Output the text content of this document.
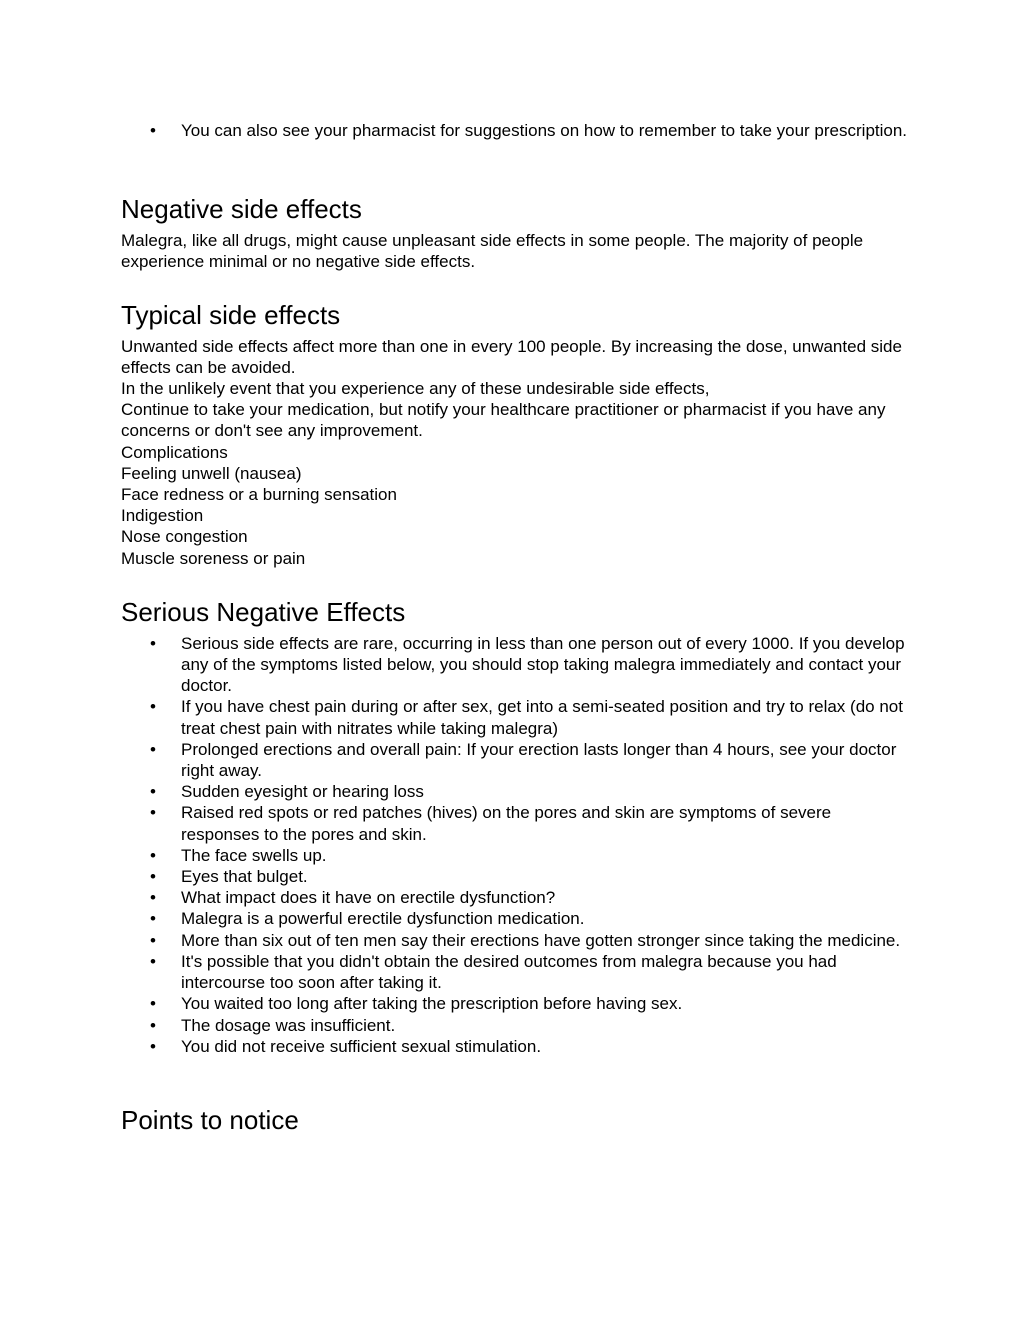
• You can also see your pharmacist for suggestions on how to remember to take your prescription.
Negative side effects

Malegra, like all drugs, might cause unpleasant side effects in some people. The majority of people experience minimal or no negative side effects.

Typical side effects
Unwanted side effects affect more than one in every 100 people. By increasing the dose, unwanted side effects can be avoided.
In the unlikely event that you experience any of these undesirable side effects,
Continue to take your medication, but notify your healthcare practitioner or pharmacist if you have any concerns or don't see any improvement.
Complications
Feeling unwell (nausea)
Face redness or a burning sensation
Indigestion
Nose congestion
Muscle soreness or pain
Serious Negative Effects
• Serious side effects are rare, occurring in less than one person out of every 1000. If you develop any of the symptoms listed below, you should stop taking malegra immediately and contact your doctor.
• If you have chest pain during or after sex, get into a semi-seated position and try to relax (do not treat chest pain with nitrates while taking malegra)
• Prolonged erections and overall pain: If your erection lasts longer than 4 hours, see your doctor right away.
• Sudden eyesight or hearing loss
• Raised red spots or red patches (hives) on the pores and skin are symptoms of severe responses to the pores and skin.
• The face swells up.
• Eyes that bulget.
• What impact does it have on erectile dysfunction?
• Malegra is a powerful erectile dysfunction medication.
• More than six out of ten men say their erections have gotten stronger since taking the medicine.
• It's possible that you didn't obtain the desired outcomes from malegra because you had intercourse too soon after taking it.
• You waited too long after taking the prescription before having sex.
• The dosage was insufficient.
• You did not receive sufficient sexual stimulation.
Points to notice
